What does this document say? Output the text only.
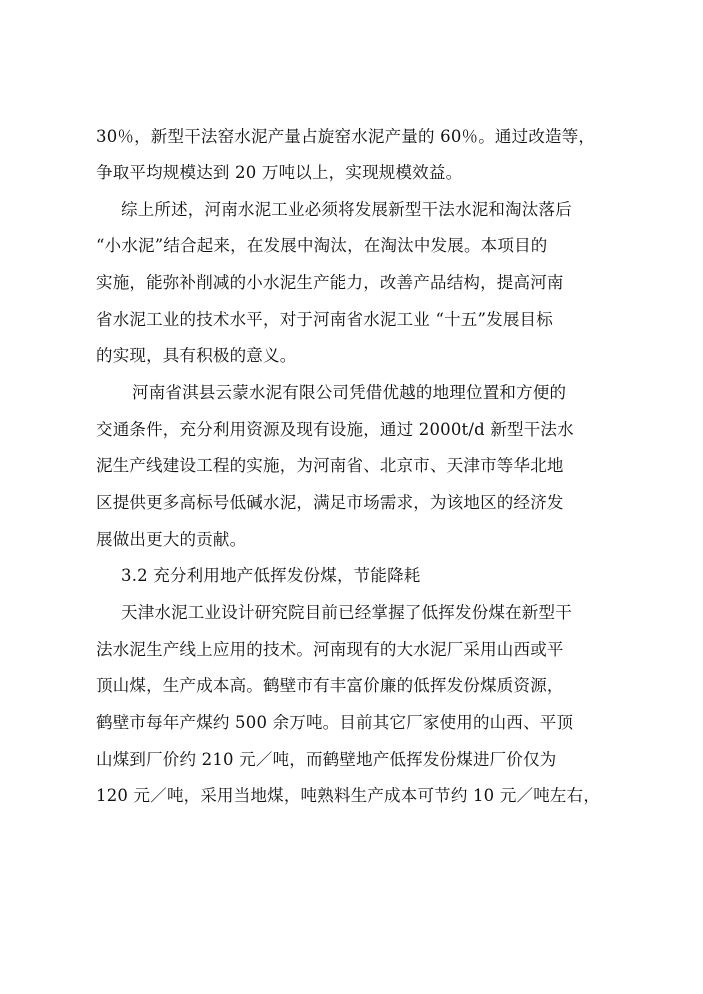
30％，新型干法窑水泥产量占旋窑水泥产量的 60％。通过改造等，
争取平均规模达到 20 万吨以上，实现规模效益。
综上所述，河南水泥工业必须将发展新型干法水泥和淘汰落后
“小水泥”结合起来，在发展中淘汰，在淘汰中发展。本项目的
实施，能弥补削减的小水泥生产能力，改善产品结构，提高河南
省水泥工业的技术水平，对于河南省水泥工业 “十五”发展目标
的实现，具有积极的意义。
河南省淇县云蒙水泥有限公司凭借优越的地理位置和方便的
交通条件，充分利用资源及现有设施，通过 2000t/d 新型干法水
泥生产线建设工程的实施，为河南省、北京市、天津市等华北地
区提供更多高标号低碱水泥，满足市场需求，为该地区的经济发
展做出更大的贡献。
3.2 充分利用地产低挥发份煤，节能降耗
天津水泥工业设计研究院目前已经掌握了低挥发份煤在新型干
法水泥生产线上应用的技术。河南现有的大水泥厂采用山西或平
顶山煤，生产成本高。鹤壁市有丰富价廉的低挥发份煤质资源，
鹤壁市每年产煤约 500 余万吨。目前其它厂家使用的山西、平顶
山煤到厂价约 210 元／吨，而鹤壁地产低挥发份煤进厂价仅为
120 元／吨，采用当地煤，吨熟料生产成本可节约 10 元／吨左右，
